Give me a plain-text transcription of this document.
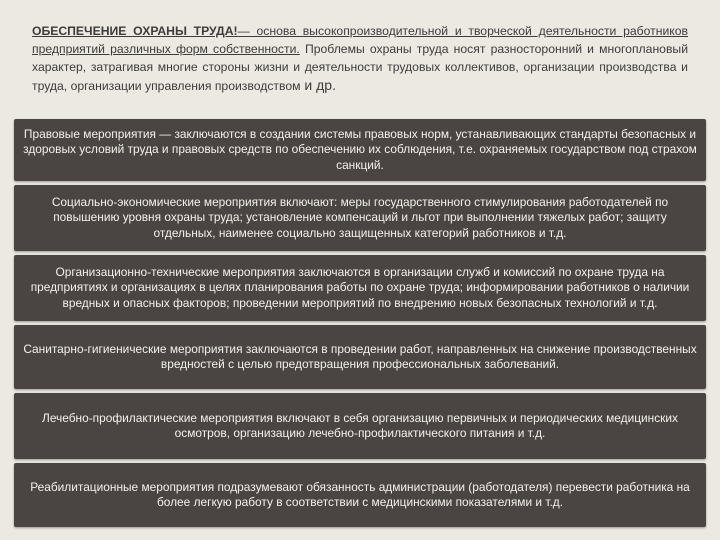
ОБЕСПЕЧЕНИЕ ОХРАНЫ ТРУДА!— основа высокопроизводительной и творческой деятельности работников предприятий различных форм собственности. Проблемы охраны труда носят разносторонний и многоплановый характер, затрагивая многие стороны жизни и деятельности трудовых коллективов, организации производства и труда, организации управления производством и др.
Правовые мероприятия — заключаются в создании системы правовых норм, устанавливающих стандарты безопасных и здоровых условий труда и правовых средств по обеспечению их соблюдения, т.е. охраняемых государством под страхом санкций.
Социально-экономические мероприятия включают: меры государственного стимулирования работодателей по повышению уровня охраны труда; установление компенсаций и льгот при выполнении тяжелых работ; защиту отдельных, наименее социально защищенных категорий работников и т.д.
Организационно-технические мероприятия заключаются в организации служб и комиссий по охране труда на предприятиях и организациях в целях планирования работы по охране труда; информировании работников о наличии вредных и опасных факторов; проведении мероприятий по внедрению новых безопасных технологий и т.д.
Санитарно-гигиенические мероприятия заключаются в проведении работ, направленных на снижение производственных вредностей с целью предотвращения профессиональных заболеваний.
Лечебно-профилактические мероприятия включают в себя организацию первичных и периодических медицинских осмотров, организацию лечебно-профилактического питания и т.д.
Реабилитационные мероприятия подразумевают обязанность администрации (работодателя) перевести работника на более легкую работу в соответствии с медицинскими показателями и т.д.
